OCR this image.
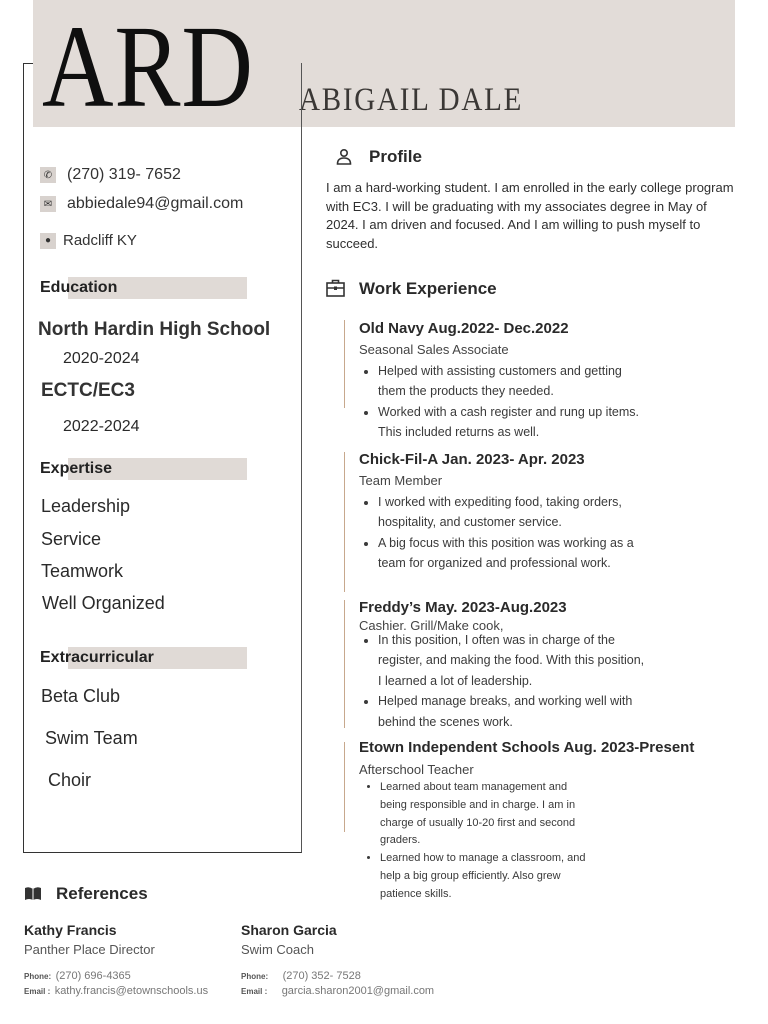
ARD ABIGAIL DALE
✆ (270) 319- 7652
✉ abbiedale94@gmail.com
● Radcliff KY
Education
North Hardin High School
2020-2024
ECTC/EC3
2022-2024
Expertise
Leadership
Service
Teamwork
Well Organized
Extracurricular
Beta Club
Swim Team
Choir
Profile
I am a hard-working student. I am enrolled in the early college program with EC3. I will be graduating with my associates degree in May of 2024. I am driven and focused. And I am willing to push myself to succeed.
Work Experience
Old Navy Aug.2022- Dec.2022
Seasonal Sales Associate
• Helped with assisting customers and getting them the products they needed.
• Worked with a cash register and rung up items. This included returns as well.
Chick-Fil-A Jan. 2023- Apr. 2023
Team Member
• I worked with expediting food, taking orders, hospitality, and customer service.
• A big focus with this position was working as a team for organized and professional work.
Freddy’s May. 2023-Aug.2023
Cashier. Grill/Make cook,
• In this position, I often was in charge of the register, and making the food. With this position, I learned a lot of leadership.
• Helped manage breaks, and working well with behind the scenes work.
Etown Independent Schools Aug. 2023-Present
Afterschool Teacher
• Learned about team management and being responsible and in charge. I am in charge of usually 10-20 first and second graders.
• Learned how to manage a classroom, and help a big group efficiently. Also grew patience skills.
References
Kathy Francis
Panther Place Director
Phone: (270) 696-4365
Email : kathy.francis@etownschools.us
Sharon Garcia
Swim Coach
Phone: (270) 352- 7528
Email : garcia.sharon2001@gmail.com
